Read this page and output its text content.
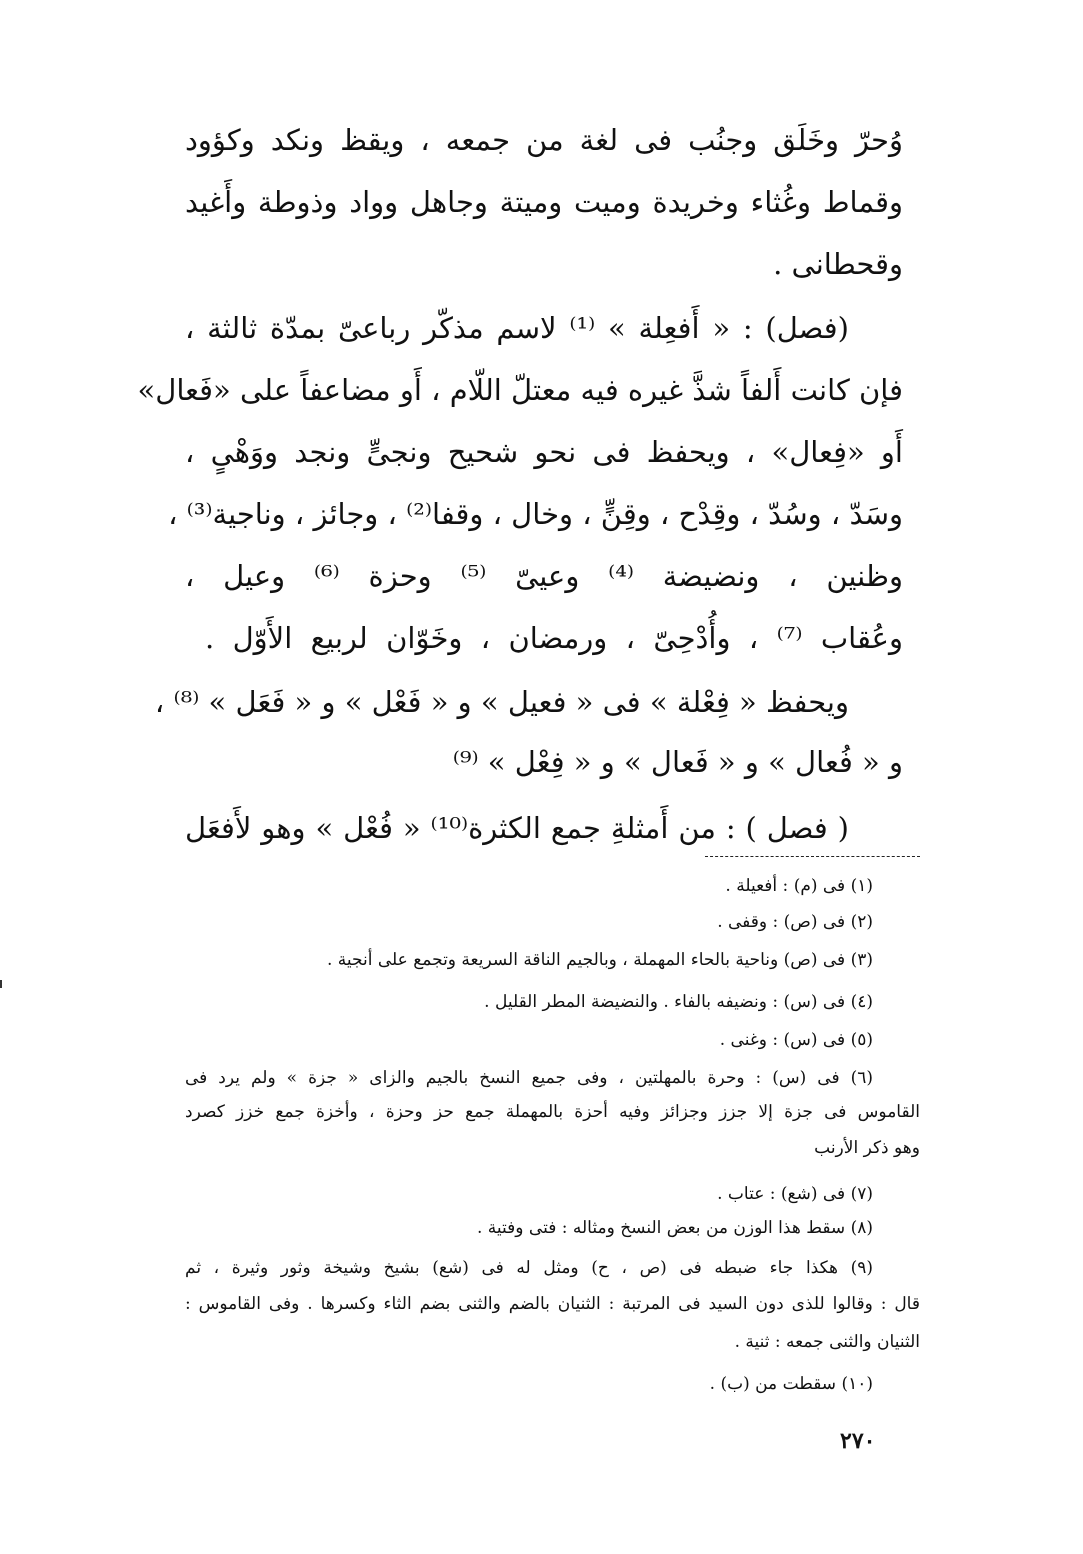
وُحرّ وخَلَق وجنُب فى لغة من جمعه ، ويقظ ونكد وكؤود
وقماط وغُثاء وخريدة وميت وميتة وجاهل وواد وذوطة وأَغيد
وقحطانى .
(فصل) : « أَفعِلة » ⁽¹⁾ لاسم مذكّر رباعىّ بمدّة ثالثة ،
فإن كانت أَلفاً شذَّ غيره فيه معتلّ اللّام ، أَو مضاعفاً على «فَعال»
أَو «فِعال» ، ويحفظ فى نحو شحيح ونجىٍّ ونجد ووَهْىٍ ،
وسَدّ ، وسُدّ ، وقِدْح ، وقِنٍّ ، وخال ، وقفا⁽²⁾ ، وجائز ، وناجية⁽³⁾ ،
وظنين ، ونضيضة ⁽⁴⁾ وعيىّ ⁽⁵⁾ وحزة ⁽⁶⁾ وعيل ،
وعُقاب ⁽⁷⁾ ، وأُدْحِىّ ، ورمضان ، وخَوّان لربيع الأَوّل .
ويحفظ « فِعْلة » فى « فعيل » و « فَعْل » و « فَعَل » ⁽⁸⁾ ،
و « فُعال » و « فَعال » و « فِعْل » ⁽⁹⁾
( فصل ) : من أَمثلةِ جمع الكثرة⁽¹⁰⁾ « فُعْل » وهو لأَفعَل
(١) فى (م) : أفعيلة .
(٢) فى (ص) : وقفى .
(٣) فى (ص) وناحية بالحاء المهملة ، وبالجيم الناقة السريعة وتجمع على أنجية .
(٤) فى (س) : ونضيفه بالفاء . والنضيضة المطر القليل .
(٥) فى (س) : وغنى .
(٦) فى (س) : وحرة بالمهلتين ، وفى جميع النسخ بالجيم والزاى « جزة » ولم يرد فى
القاموس فى جزة إلا جزز وجزائز وفيه أحزة بالمهملة جمع حز وحزة ، وأخزة جمع خزز كصرد
وهو ذكر الأرنب
(٧) فى (شع) : عتاب .
(٨) سقط هذا الوزن من بعض النسخ ومثاله : فتى وفتية .
(٩) هكذا جاء ضبطه فى (ص ، ح) ومثل له فى (شع) بشيخ وشيخة وثور وثيرة ، ثم
قال : وقالوا للذى دون السيد فى المرتبة : الثنيان بالضم والثنى بضم الثاء وكسرها . وفى القاموس :
الثنيان والثنى جمعه : ثنية .
(١٠) سقطت من (ب) .
٢٧٠
